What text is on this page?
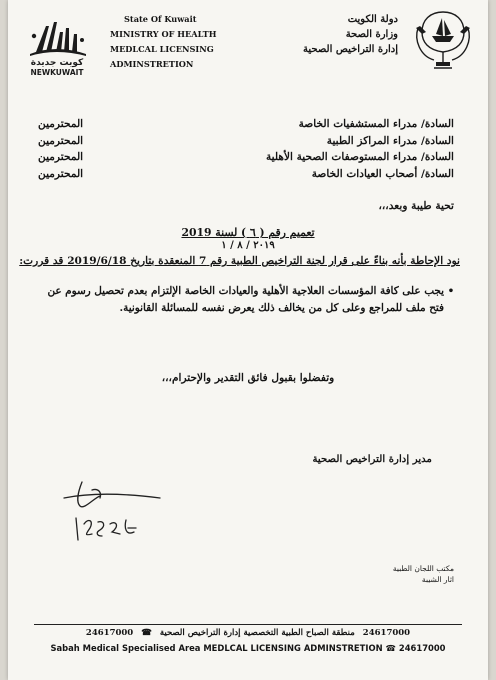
كويت جديدة
NEWKUWAIT
State Of Kuwait
MINISTRY OF HEALTH
MEDLCAL LICENSING
ADMINSTRETION
دولة الكويت
وزارة الصحة
إدارة التراخيص الصحية
السادة/ مدراء المستشفيات الخاصة
المحترمين
السادة/ مدراء المراكز الطبية
المحترمين
السادة/ مدراء المستوصفات الصحية الأهلية
المحترمين
السادة/ أصحاب العيادات الخاصة
المحترمين
تحية طيبة وبعد،،،
تعميم رقم ( ٦ ) لسنة 2019
٢٠١٩ / ٨ / ١
نود الإحاطة بأنه بناءً على قرار لجنة التراخيص الطبية رقم 7 المنعقدة بتاريخ 2019/6/18 قد قررت:
•
يجب على كافة المؤسسات العلاجية الأهلية والعيادات الخاصة الإلتزام بعدم تحصيل رسوم عن فتح ملف للمراجع وعلى كل من يخالف ذلك يعرض نفسه للمسائلة القانونية.
وتفضلوا بقبول فائق التقدير والإحترام،،،
مدير إدارة التراخيص الصحية
مكتب اللجان الطبية
اثار الشيبة
24617000
منطقة الصباح الطبية التخصصية إدارة التراخيص الصحية
☎
24617000
Sabah Medical Specialised Area MEDLCAL LICENSING ADMINSTRETION ☎ 24617000
